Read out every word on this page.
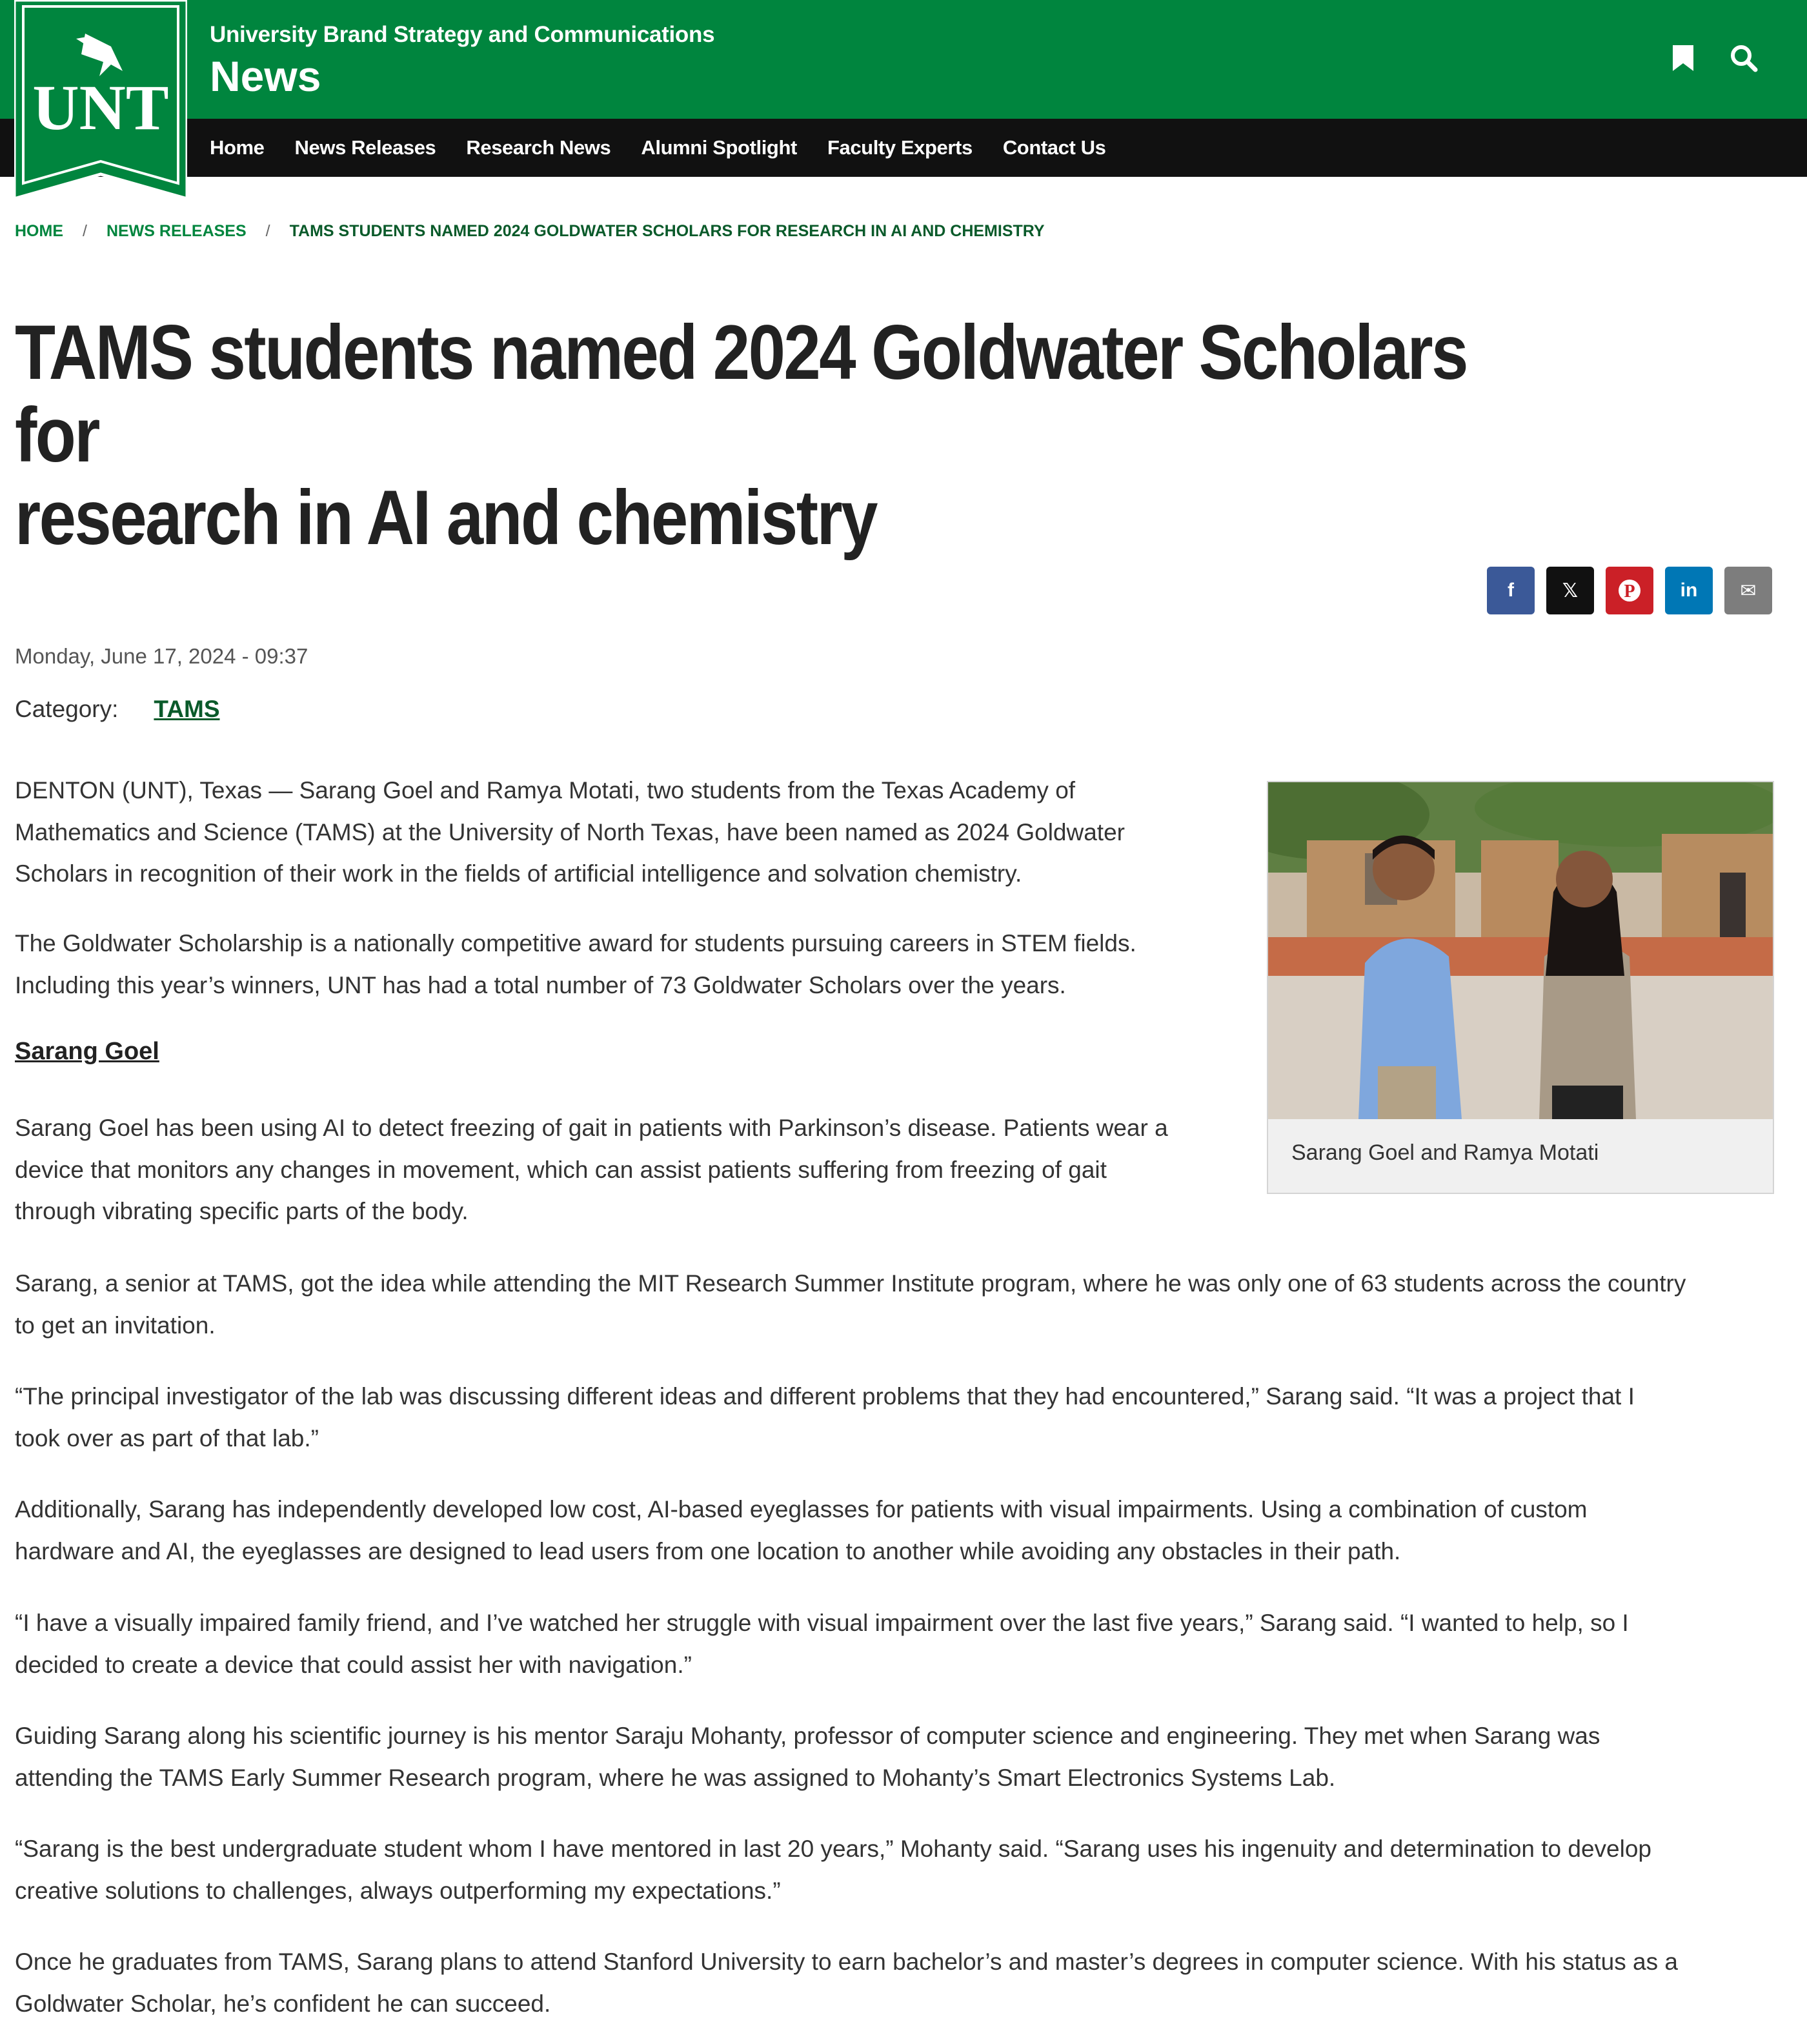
UNT
University Brand Strategy and Communications
News
Home News Releases Research News Alumni Spotlight Faculty Experts Contact Us
HOME / NEWS RELEASES / TAMS STUDENTS NAMED 2024 GOLDWATER SCHOLARS FOR RESEARCH IN AI AND CHEMISTRY
TAMS students named 2024 Goldwater Scholars for
research in AI and chemistry
f 𝕏	P in ✉
Monday, June 17, 2024 - 09:37
Category: TAMS
Sarang Goel and Ramya Motati
DENTON (UNT), Texas — Sarang Goel and Ramya Motati, two students from the Texas Academy of
Mathematics and Science (TAMS) at the University of North Texas, have been named as 2024 Goldwater
Scholars in recognition of their work in the fields of artificial intelligence and solvation chemistry.
The Goldwater Scholarship is a nationally competitive award for students pursuing careers in STEM fields.
Including this year’s winners, UNT has had a total number of 73 Goldwater Scholars over the years.
Sarang Goel
Sarang Goel has been using AI to detect freezing of gait in patients with Parkinson’s disease. Patients wear a
device that monitors any changes in movement, which can assist patients suffering from freezing of gait
through vibrating specific parts of the body.
Sarang, a senior at TAMS, got the idea while attending the MIT Research Summer Institute program, where he was only one of 63 students across the country
to get an invitation.
“The principal investigator of the lab was discussing different ideas and different problems that they had encountered,” Sarang said. “It was a project that I
took over as part of that lab.”
Additionally, Sarang has independently developed low cost, AI-based eyeglasses for patients with visual impairments. Using a combination of custom
hardware and AI, the eyeglasses are designed to lead users from one location to another while avoiding any obstacles in their path.
“I have a visually impaired family friend, and I’ve watched her struggle with visual impairment over the last five years,” Sarang said. “I wanted to help, so I
decided to create a device that could assist her with navigation.”
Guiding Sarang along his scientific journey is his mentor Saraju Mohanty, professor of computer science and engineering. They met when Sarang was
attending the TAMS Early Summer Research program, where he was assigned to Mohanty’s Smart Electronics Systems Lab.
“Sarang is the best undergraduate student whom I have mentored in last 20 years,” Mohanty said. “Sarang uses his ingenuity and determination to develop
creative solutions to challenges, always outperforming my expectations.”
Once he graduates from TAMS, Sarang plans to attend Stanford University to earn bachelor’s and master’s degrees in computer science. With his status as a
Goldwater Scholar, he’s confident he can succeed.
